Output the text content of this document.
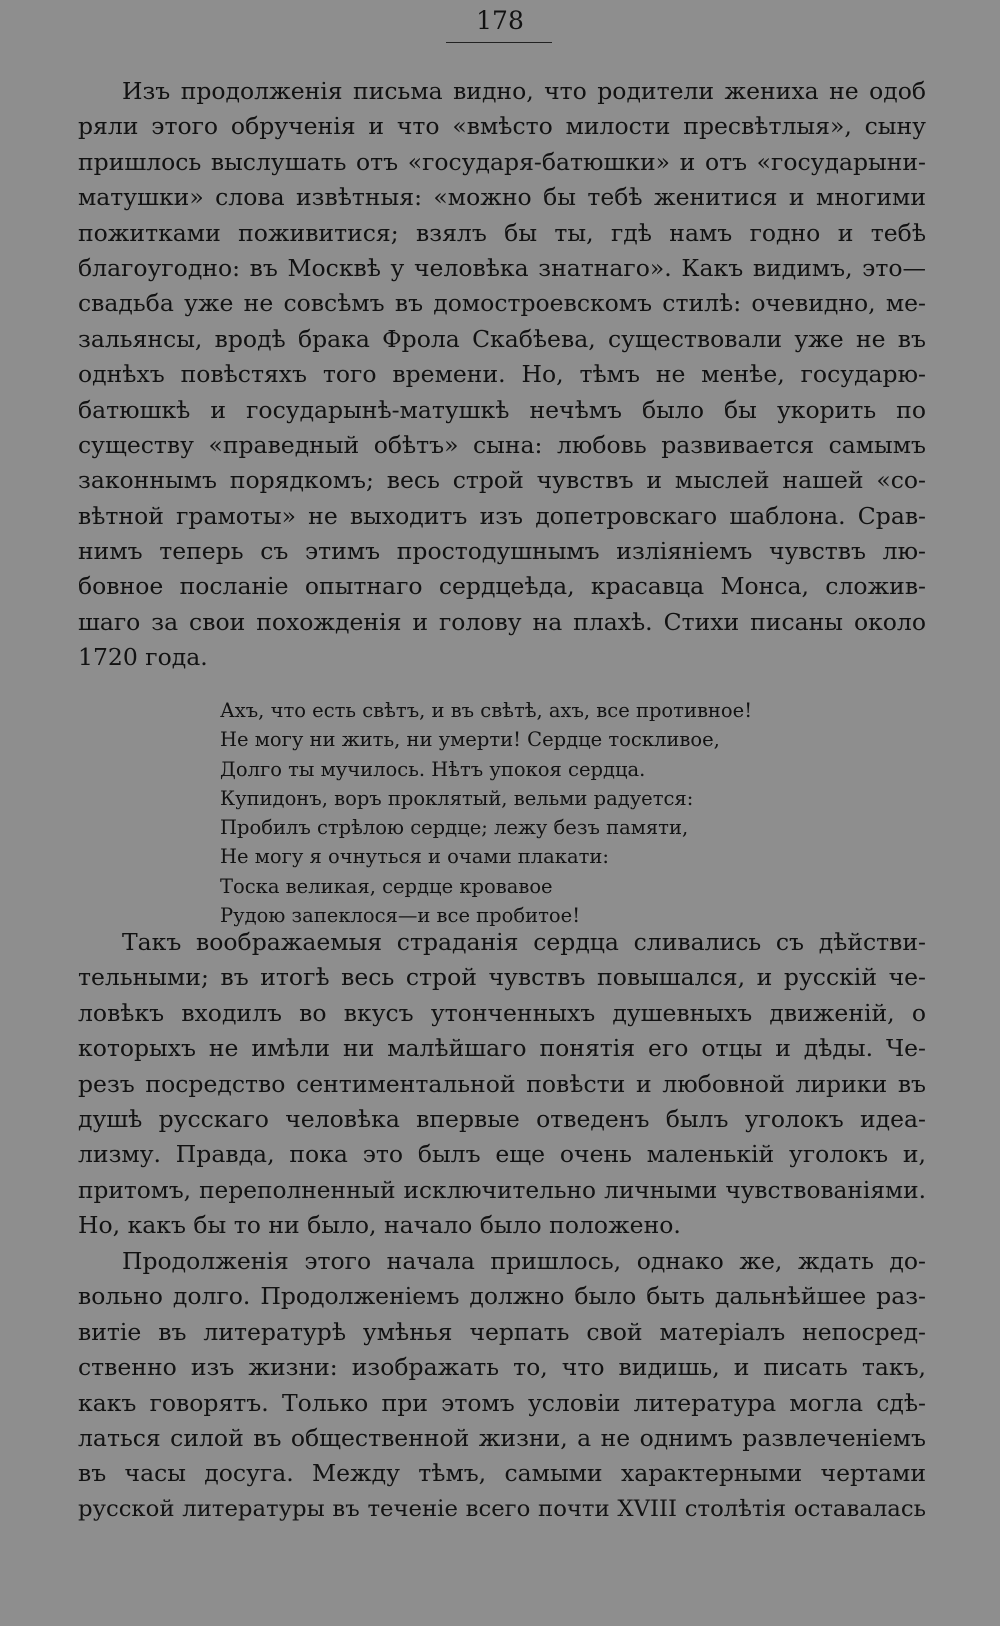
178
Изъ продолженія письма видно, что родители жениха не одоб
ряли этого обрученія и что «вмѣсто милости пресвѣтлыя», сыну
пришлось выслушать отъ «государя-батюшки» и отъ «государыни-
матушки» слова извѣтныя: «можно бы тебѣ женитися и многими
пожитками поживитися; взялъ бы ты, гдѣ намъ годно и тебѣ
благоугодно: въ Москвѣ у человѣка знатнаго». Какъ видимъ, это—
свадьба уже не совсѣмъ въ домостроевскомъ стилѣ: очевидно, ме-
зальянсы, вродѣ брака Фрола Скабѣева, существовали уже не въ
однѣхъ повѣстяхъ того времени. Но, тѣмъ не менѣе, государю-
батюшкѣ и государынѣ-матушкѣ нечѣмъ было бы укорить по
существу «праведный обѣтъ» сына: любовь развивается самымъ
законнымъ порядкомъ; весь строй чувствъ и мыслей нашей «со-
вѣтной грамоты» не выходитъ изъ допетровскаго шаблона. Срав-
нимъ теперь съ этимъ простодушнымъ изліяніемъ чувствъ лю-
бовное посланіе опытнаго сердцеѣда, красавца Монса, сложив-
шаго за свои похожденія и голову на плахѣ. Стихи писаны около
1720 года.
Ахъ, что есть свѣтъ, и въ свѣтѣ, ахъ, все противное!
Не могу ни жить, ни умерти! Сердце тоскливое,
Долго ты мучилось. Нѣтъ упокоя сердца.
Купидонъ, воръ проклятый, вельми радуется:
Пробилъ стрѣлою сердце; лежу безъ памяти,
Не могу я очнуться и очами плакати:
Тоска великая, сердце кровавое
Рудою запеклося—и все пробитое!
Такъ воображаемыя страданія сердца сливались съ дѣйстви-
тельными; въ итогѣ весь строй чувствъ повышался, и русскій че-
ловѣкъ входилъ во вкусъ утонченныхъ душевныхъ движеній, о
которыхъ не имѣли ни малѣйшаго понятія его отцы и дѣды. Че-
резъ посредство сентиментальной повѣсти и любовной лирики въ
душѣ русскаго человѣка впервые отведенъ былъ уголокъ идеа-
лизму. Правда, пока это былъ еще очень маленькій уголокъ и,
притомъ, переполненный исключительно личными чувствованіями.
Но, какъ бы то ни было, начало было положено.
Продолженія этого начала пришлось, однако же, ждать до-
вольно долго. Продолженіемъ должно было быть дальнѣйшее раз-
витіе въ литературѣ умѣнья черпать свой матеріалъ непосред-
ственно изъ жизни: изображать то, что видишь, и писать такъ,
какъ говорятъ. Только при этомъ условіи литература могла сдѣ-
латься силой въ общественной жизни, а не однимъ развлеченіемъ
въ часы досуга. Между тѣмъ, самыми характерными чертами
русской литературы въ теченіе всего почти XVIII столѣтія оставалась
